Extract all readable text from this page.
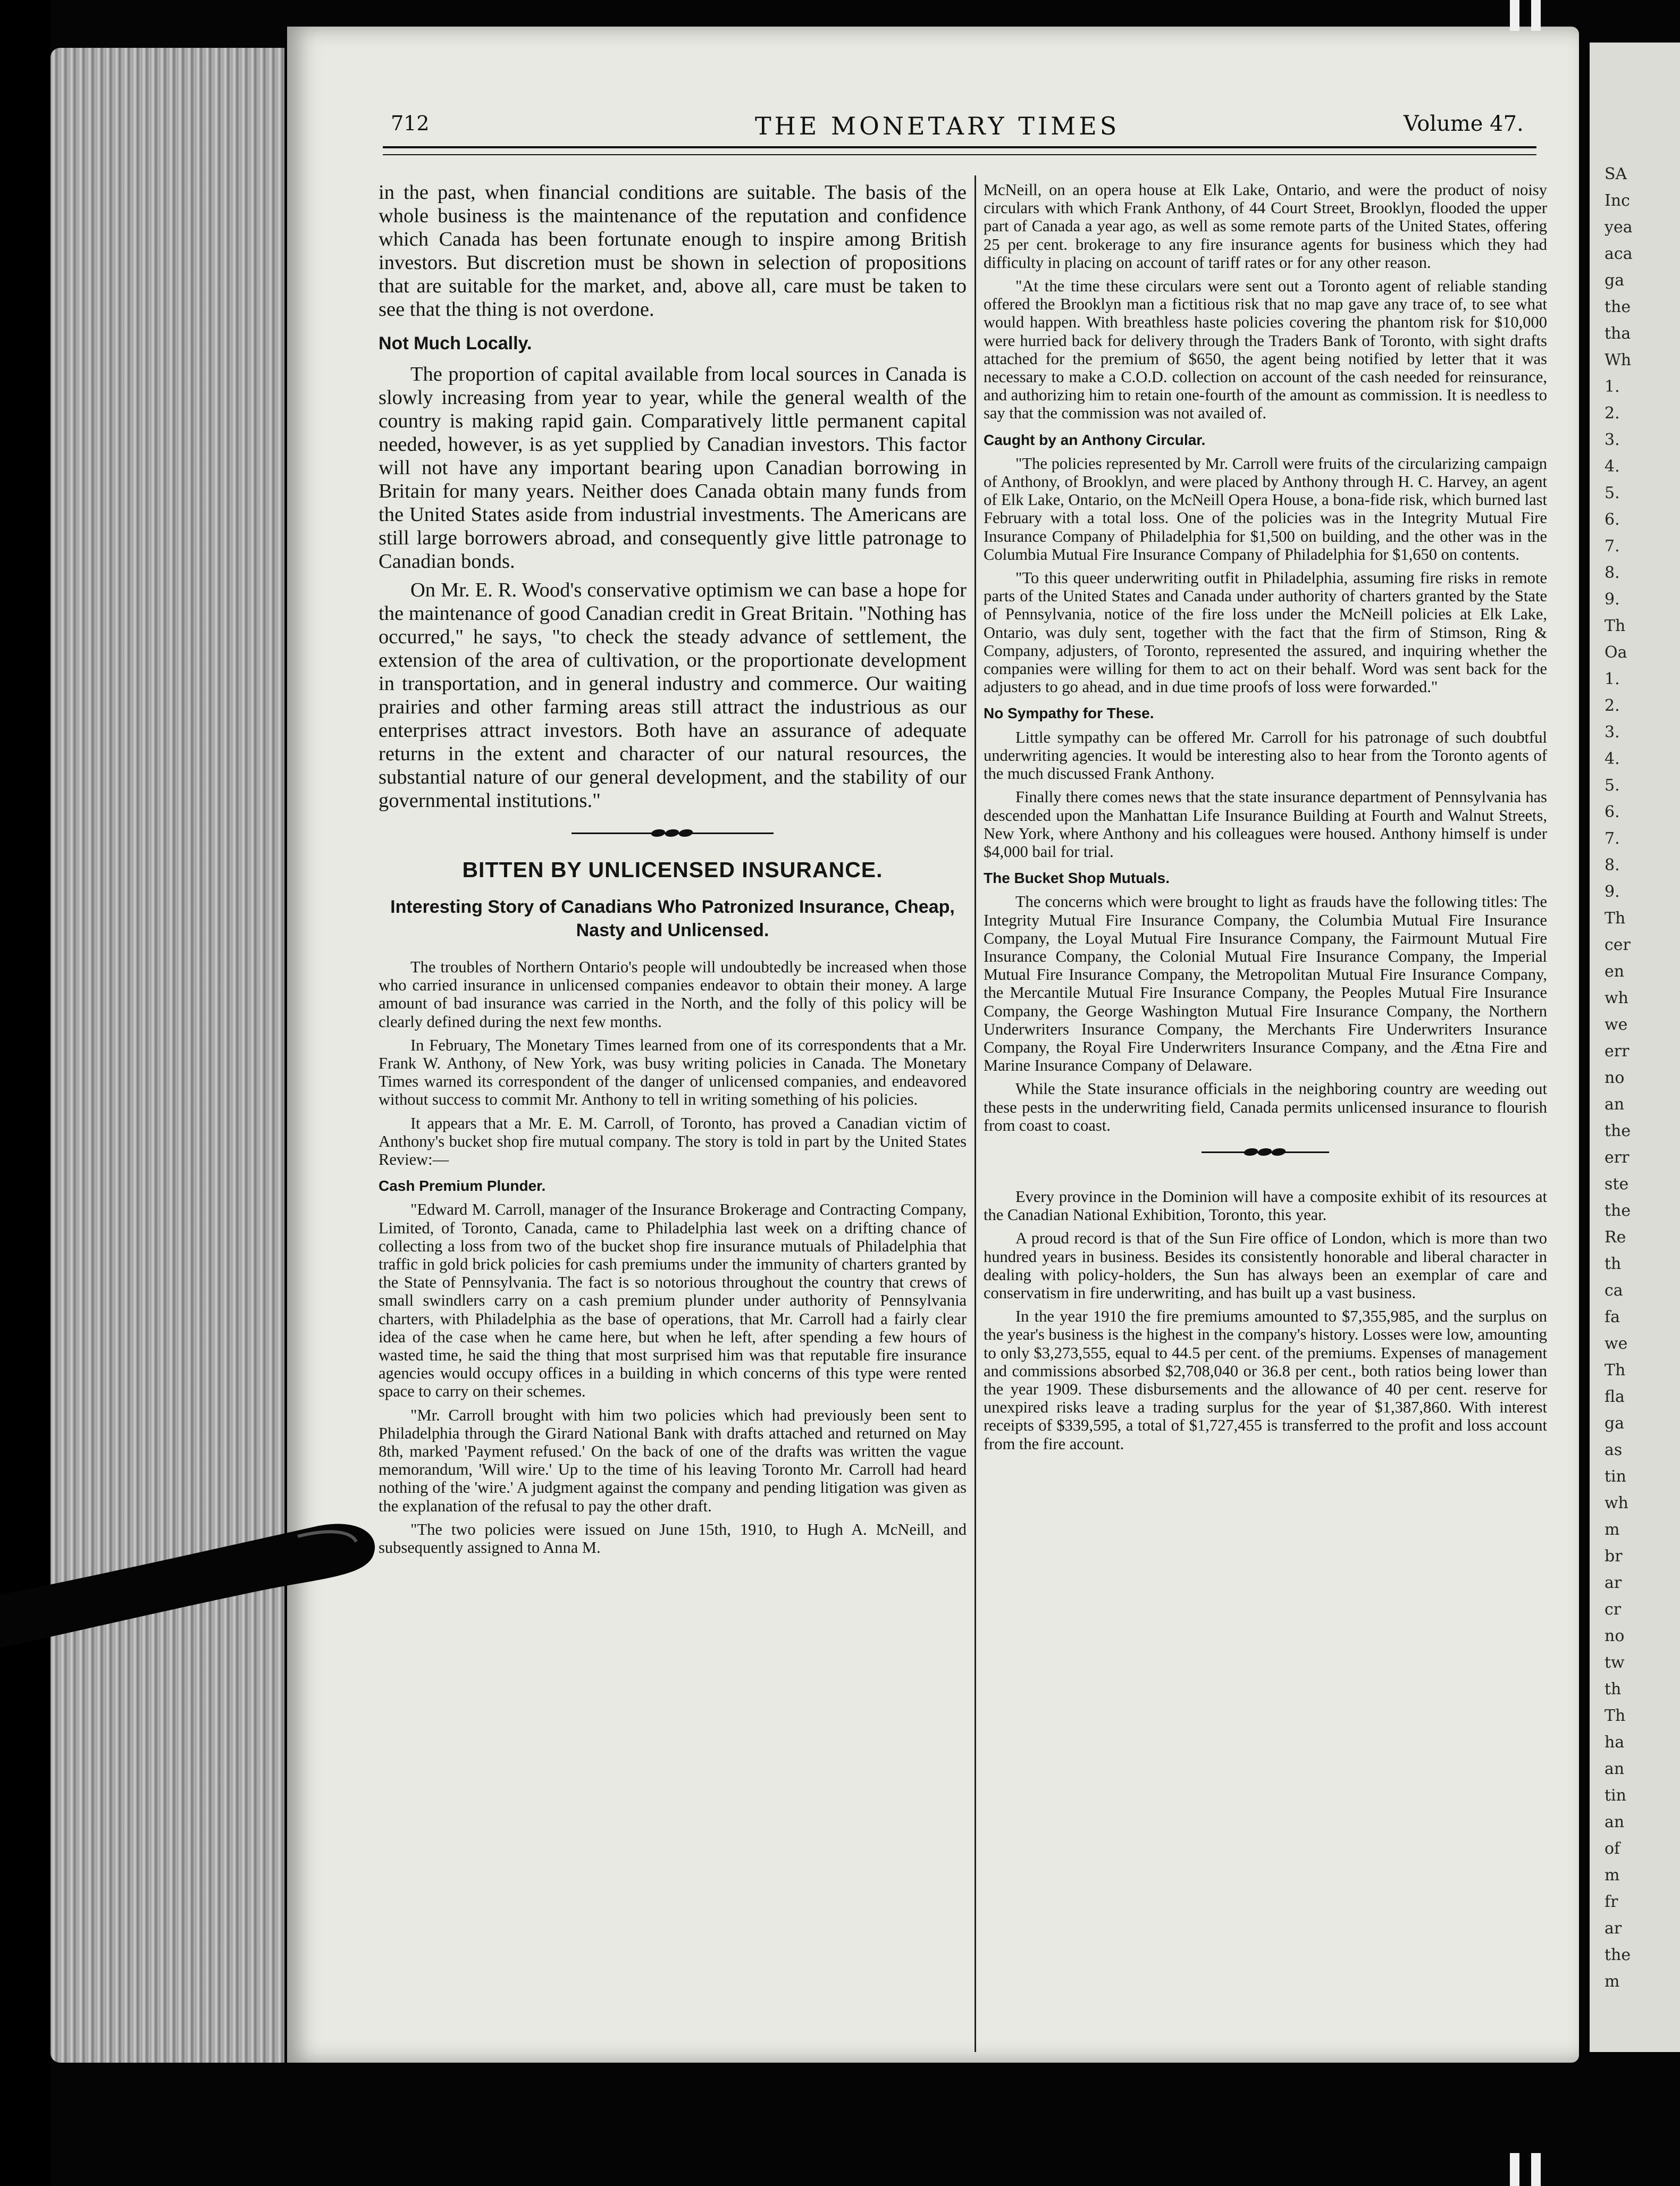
SA
Inc
yea
aca
ga
the
tha
Wh
1.
2.
3.
4.
5.
6.
7.
8.
9.
Th
Oa
1.
2.
3.
4.
5.
6.
7.
8.
9.
Th
cer
en
wh
we
err
no
an
the
err
ste
the
Re
th
ca
fa
we
Th
fla
ga
as
tin
wh
m
br
ar
cr
no
tw
th
Th
ha
an
tin
an
of
m
fr
ar
the
m
712	THE MONETARY TIMES	Volume 47.

in the past, when financial conditions are suitable. The basis of the whole business is the maintenance of the reputation and confidence which Canada has been fortunate enough to inspire among British investors. But discretion must be shown in selection of propositions that are suitable for the market, and, above all, care must be taken to see that the thing is not overdone.

Not Much Locally.

The proportion of capital available from local sources in Canada is slowly increasing from year to year, while the general wealth of the country is making rapid gain. Comparatively little permanent capital needed, however, is as yet supplied by Canadian investors. This factor will not have any important bearing upon Canadian borrowing in Britain for many years. Neither does Canada obtain many funds from the United States aside from industrial investments. The Americans are still large borrowers abroad, and consequently give little patronage to Canadian bonds.

On Mr. E. R. Wood's conservative optimism we can base a hope for the maintenance of good Canadian credit in Great Britain. "Nothing has occurred," he says, "to check the steady advance of settlement, the extension of the area of cultivation, or the proportionate development in transportation, and in general industry and commerce. Our waiting prairies and other farming areas still attract the industrious as our enterprises attract investors. Both have an assurance of adequate returns in the extent and character of our natural resources, the substantial nature of our general development, and the stability of our governmental institutions."

BITTEN BY UNLICENSED INSURANCE.
Interesting Story of Canadians Who Patronized Insurance, Cheap, Nasty and Unlicensed.

The troubles of Northern Ontario's people will undoubtedly be increased when those who carried insurance in unlicensed companies endeavor to obtain their money. A large amount of bad insurance was carried in the North, and the folly of this policy will be clearly defined during the next few months.

In February, The Monetary Times learned from one of its correspondents that a Mr. Frank W. Anthony, of New York, was busy writing policies in Canada. The Monetary Times warned its correspondent of the danger of unlicensed companies, and endeavored without success to commit Mr. Anthony to tell in writing something of his policies.

It appears that a Mr. E. M. Carroll, of Toronto, has proved a Canadian victim of Anthony's bucket shop fire mutual company. The story is told in part by the United States Review:—

Cash Premium Plunder.

"Edward M. Carroll, manager of the Insurance Brokerage and Contracting Company, Limited, of Toronto, Canada, came to Philadelphia last week on a drifting chance of collecting a loss from two of the bucket shop fire insurance mutuals of Philadelphia that traffic in gold brick policies for cash premiums under the immunity of charters granted by the State of Pennsylvania. The fact is so notorious throughout the country that crews of small swindlers carry on a cash premium plunder under authority of Pennsylvania charters, with Philadelphia as the base of operations, that Mr. Carroll had a fairly clear idea of the case when he came here, but when he left, after spending a few hours of wasted time, he said the thing that most surprised him was that reputable fire insurance agencies would occupy offices in a building in which concerns of this type were rented space to carry on their schemes.

"Mr. Carroll brought with him two policies which had previously been sent to Philadelphia through the Girard National Bank with drafts attached and returned on May 8th, marked 'Payment refused.' On the back of one of the drafts was written the vague memorandum, 'Will wire.' Up to the time of his leaving Toronto Mr. Carroll had heard nothing of the 'wire.' A judgment against the company and pending litigation was given as the explanation of the refusal to pay the other draft.

"The two policies were issued on June 15th, 1910, to Hugh A. McNeill, and subsequently assigned to Anna M.

McNeill, on an opera house at Elk Lake, Ontario, and were the product of noisy circulars with which Frank Anthony, of 44 Court Street, Brooklyn, flooded the upper part of Canada a year ago, as well as some remote parts of the United States, offering 25 per cent. brokerage to any fire insurance agents for business which they had difficulty in placing on account of tariff rates or for any other reason.

"At the time these circulars were sent out a Toronto agent of reliable standing offered the Brooklyn man a fictitious risk that no map gave any trace of, to see what would happen. With breathless haste policies covering the phantom risk for $10,000 were hurried back for delivery through the Traders Bank of Toronto, with sight drafts attached for the premium of $650, the agent being notified by letter that it was necessary to make a C.O.D. collection on account of the cash needed for reinsurance, and authorizing him to retain one-fourth of the amount as commission. It is needless to say that the commission was not availed of.

Caught by an Anthony Circular.

"The policies represented by Mr. Carroll were fruits of the circularizing campaign of Anthony, of Brooklyn, and were placed by Anthony through H. C. Harvey, an agent of Elk Lake, Ontario, on the McNeill Opera House, a bona-fide risk, which burned last February with a total loss. One of the policies was in the Integrity Mutual Fire Insurance Company of Philadelphia for $1,500 on building, and the other was in the Columbia Mutual Fire Insurance Company of Philadelphia for $1,650 on contents.

"To this queer underwriting outfit in Philadelphia, assuming fire risks in remote parts of the United States and Canada under authority of charters granted by the State of Pennsylvania, notice of the fire loss under the McNeill policies at Elk Lake, Ontario, was duly sent, together with the fact that the firm of Stimson, Ring & Company, adjusters, of Toronto, represented the assured, and inquiring whether the companies were willing for them to act on their behalf. Word was sent back for the adjusters to go ahead, and in due time proofs of loss were forwarded."

No Sympathy for These.

Little sympathy can be offered Mr. Carroll for his patronage of such doubtful underwriting agencies. It would be interesting also to hear from the Toronto agents of the much discussed Frank Anthony.

Finally there comes news that the state insurance department of Pennsylvania has descended upon the Manhattan Life Insurance Building at Fourth and Walnut Streets, New York, where Anthony and his colleagues were housed. Anthony himself is under $4,000 bail for trial.

The Bucket Shop Mutuals.

The concerns which were brought to light as frauds have the following titles: The Integrity Mutual Fire Insurance Company, the Columbia Mutual Fire Insurance Company, the Loyal Mutual Fire Insurance Company, the Fairmount Mutual Fire Insurance Company, the Colonial Mutual Fire Insurance Company, the Imperial Mutual Fire Insurance Company, the Metropolitan Mutual Fire Insurance Company, the Mercantile Mutual Fire Insurance Company, the Peoples Mutual Fire Insurance Company, the George Washington Mutual Fire Insurance Company, the Northern Underwriters Insurance Company, the Merchants Fire Underwriters Insurance Company, the Royal Fire Underwriters Insurance Company, and the Ætna Fire and Marine Insurance Company of Delaware.

While the State insurance officials in the neighboring country are weeding out these pests in the underwriting field, Canada permits unlicensed insurance to flourish from coast to coast.

Every province in the Dominion will have a composite exhibit of its resources at the Canadian National Exhibition, Toronto, this year.

A proud record is that of the Sun Fire office of London, which is more than two hundred years in business. Besides its consistently honorable and liberal character in dealing with policy-holders, the Sun has always been an exemplar of care and conservatism in fire underwriting, and has built up a vast business.

In the year 1910 the fire premiums amounted to $7,355,985, and the surplus on the year's business is the highest in the company's history. Losses were low, amounting to only $3,273,555, equal to 44.5 per cent. of the premiums. Expenses of management and commissions absorbed $2,708,040 or 36.8 per cent., both ratios being lower than the year 1909. These disbursements and the allowance of 40 per cent. reserve for unexpired risks leave a trading surplus for the year of $1,387,860. With interest receipts of $339,595, a total of $1,727,455 is transferred to the profit and loss account from the fire account.
